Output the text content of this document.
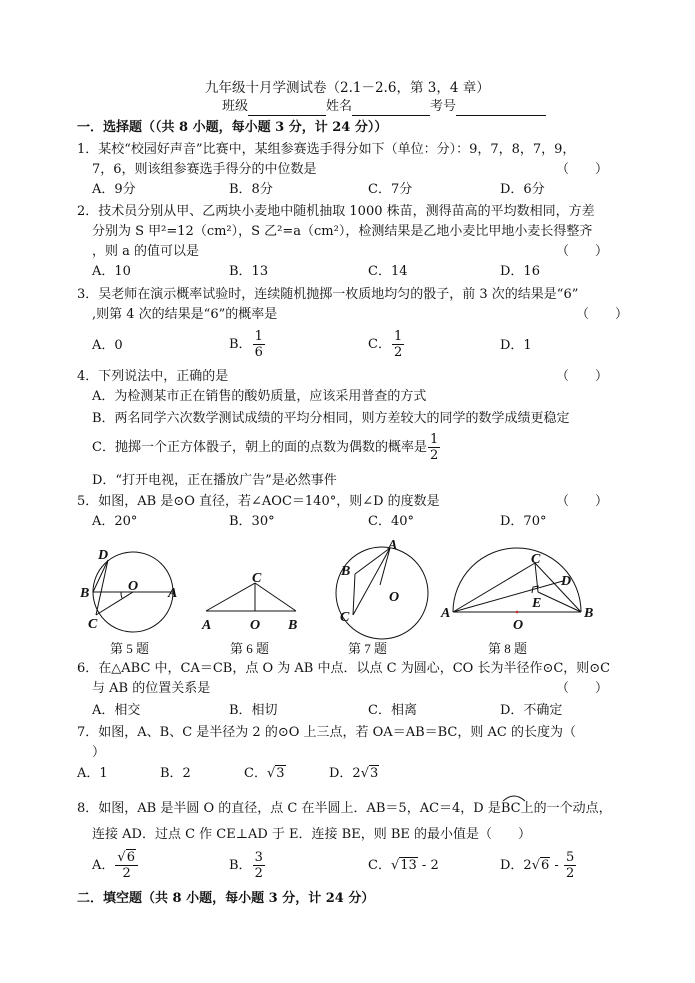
九年级十月学测试卷（2.1－2.6，第 3，4 章）
班级	姓名	考号
一．选择题（（共 8 小题，每小题 3 分，计 24 分））
1．某校“校园好声音”比赛中，某组参赛选手得分如下（单位：分）：9，7，8，7，9，
7，6，则该组参赛选手得分的中位数是	（　　）
A．9分	B．8分	C．7分	D．6分
2．技术员分别从甲、乙两块小麦地中随机抽取 1000 株苗，测得苗高的平均数相同，方差
分别为 S 甲²=12（cm²），S 乙²=a（cm²），检测结果是乙地小麦比甲地小麦长得整齐
，则 a 的值可以是	（　　）
A．10	B．13	C．14	D．16
3．吴老师在演示概率试验时，连续随机抛掷一枚质地均匀的骰子，前 3 次的结果是“6”
,则第 4 次的结果是“6”的概率是	（　　）
A．0	B． $\frac{1}{6}$	C． $\frac{1}{2}$	D．1
4．下列说法中，正确的是	（　　）
A．为检测某市正在销售的酸奶质量，应该采用普查的方式
B．两名同学六次数学测试成绩的平均分相同，则方差较大的同学的数学成绩更稳定
C．抛掷一个正方体骰子，朝上的面的点数为偶数的概率是 $\frac{1}{2}$
D．“打开电视，正在播放广告”是必然事件
5．如图，AB 是⊙O 直径，若∠AOC＝140°，则∠D 的度数是	（　　）
A．20°	B．30°	C．40°	D．70°
D
B	O A
C
C
A	O B
A
B
O
C
C
D
E
A
O
B
第 5 题	第 6 题	第 7 题	第 8 题
6．在△ABC 中，CA＝CB，点 O 为 AB 中点．以点 C 为圆心，CO 长为半径作⊙C，则⊙C
与 AB 的位置关系是	（　　）
A．相交	B．相切	C．相离	D．不确定
7．如图，A、B、C 是半径为 2 的⊙O 上三点，若 OA＝AB＝BC，则 AC 的长度为（
）
A．1	B．2	C．√3	D．2√3
8．如图，AB 是半圆 O 的直径，点 C 在半圆上．AB＝5，AC＝4，D 是
BC上的一个动点，
连接 AD．过点 C 作 CE⊥AD 于 E．连接 BE，则 BE 的最小值是（　　）
A． $\frac{√6}{2}$	B． $\frac{3}{2}$	C．√13 - 2	D．$2√6 - \frac{5}{2}$
二．填空题（共 8 小题，每小题 3 分，计 24 分）
